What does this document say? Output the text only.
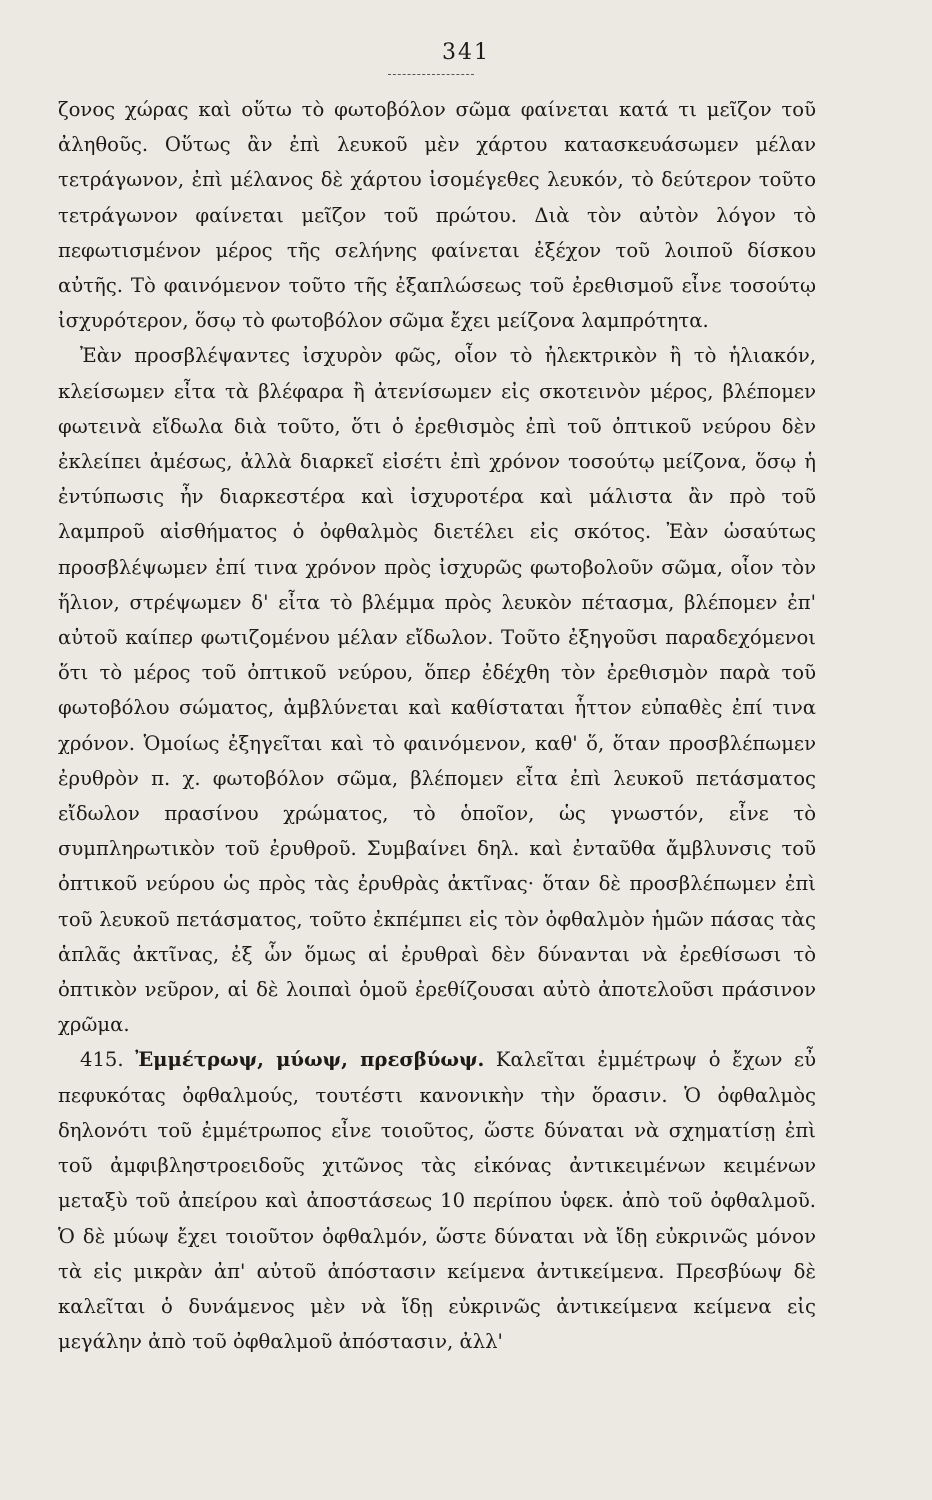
341

ζονος χώρας καὶ οὕτω τὸ φωτοβόλον σῶμα φαίνεται κατά τι μεῖζον τοῦ ἀληθοῦς. Οὕτως ἂν ἐπὶ λευκοῦ μὲν χάρτου κατασκευάσωμεν μέλαν τετράγωνον, ἐπὶ μέλανος δὲ χάρτου ἰσομέγεθες λευκόν, τὸ δεύτερον τοῦτο τετράγωνον φαίνεται μεῖζον τοῦ πρώτου. Διὰ τὸν αὐτὸν λόγον τὸ πεφωτισμένον μέρος τῆς σελήνης φαίνεται ἐξέχον τοῦ λοιποῦ δίσκου αὐτῆς. Τὸ φαινόμενον τοῦτο τῆς ἐξαπλώσεως τοῦ ἐρεθισμοῦ εἶνε τοσούτῳ ἰσχυρότερον, ὅσῳ τὸ φωτοβόλον σῶμα ἔχει μείζονα λαμπρότητα.

Ἐὰν προσβλέψαντες ἰσχυρὸν φῶς, οἷον τὸ ἠλεκτρικὸν ἢ τὸ ἡλιακόν, κλείσωμεν εἶτα τὰ βλέφαρα ἢ ἀτενίσωμεν εἰς σκοτεινὸν μέρος, βλέπομεν φωτεινὰ εἴδωλα διὰ τοῦτο, ὅτι ὁ ἐρεθισμὸς ἐπὶ τοῦ ὀπτικοῦ νεύρου δὲν ἐκλείπει ἀμέσως, ἀλλὰ διαρκεῖ εἰσέτι ἐπὶ χρόνον τοσούτῳ μείζονα, ὅσῳ ἡ ἐντύπωσις ἦν διαρκεστέρα καὶ ἰσχυροτέρα καὶ μάλιστα ἂν πρὸ τοῦ λαμπροῦ αἰσθήματος ὁ ὀφθαλμὸς διετέλει εἰς σκότος. Ἐὰν ὡσαύτως προσβλέψωμεν ἐπί τινα χρόνον πρὸς ἰσχυρῶς φωτοβολοῦν σῶμα, οἷον τὸν ἥλιον, στρέψωμεν δ' εἶτα τὸ βλέμμα πρὸς λευκὸν πέτασμα, βλέπομεν ἐπ' αὐτοῦ καίπερ φωτιζομένου μέλαν εἴδωλον. Τοῦτο ἐξηγοῦσι παραδεχόμενοι ὅτι τὸ μέρος τοῦ ὀπτικοῦ νεύρου, ὅπερ ἐδέχθη τὸν ἐρεθισμὸν παρὰ τοῦ φωτοβόλου σώματος, ἀμβλύνεται καὶ καθίσταται ἧττον εὐπαθὲς ἐπί τινα χρόνον. Ὁμοίως ἐξηγεῖται καὶ τὸ φαινόμενον, καθ' ὅ, ὅταν προσβλέπωμεν ἐρυθρὸν π. χ. φωτοβόλον σῶμα, βλέπομεν εἶτα ἐπὶ λευκοῦ πετάσματος εἴδωλον πρασίνου χρώματος, τὸ ὁποῖον, ὡς γνωστόν, εἶνε τὸ συμπληρωτικὸν τοῦ ἐρυθροῦ. Συμβαίνει δηλ. καὶ ἐνταῦθα ἄμβλυνσις τοῦ ὀπτικοῦ νεύρου ὡς πρὸς τὰς ἐρυθρὰς ἀκτῖνας· ὅταν δὲ προσβλέπωμεν ἐπὶ τοῦ λευκοῦ πετάσματος, τοῦτο ἐκπέμπει εἰς τὸν ὀφθαλμὸν ἡμῶν πάσας τὰς ἁπλᾶς ἀκτῖνας, ἐξ ὧν ὅμως αἱ ἐρυθραὶ δὲν δύνανται νὰ ἐρεθίσωσι τὸ ὀπτικὸν νεῦρον, αἱ δὲ λοιπαὶ ὁμοῦ ἐρεθίζουσαι αὐτὸ ἀποτελοῦσι πράσινον χρῶμα.

415. Ἐμμέτρωψ, μύωψ, πρεσβύωψ. Καλεῖται ἐμμέτρωψ ὁ ἔχων εὖ πεφυκότας ὀφθαλμούς, τουτέστι κανονικὴν τὴν ὅρασιν. Ὁ ὀφθαλμὸς δηλονότι τοῦ ἐμμέτρωπος εἶνε τοιοῦτος, ὥστε δύναται νὰ σχηματίσῃ ἐπὶ τοῦ ἀμφιβληστροειδοῦς χιτῶνος τὰς εἰκόνας ἀντικειμένων κειμένων μεταξὺ τοῦ ἀπείρου καὶ ἀποστάσεως 10 περίπου ὑφεκ. ἀπὸ τοῦ ὀφθαλμοῦ. Ὁ δὲ μύωψ ἔχει τοιοῦτον ὀφθαλμόν, ὥστε δύναται νὰ ἴδῃ εὐκρινῶς μόνον τὰ εἰς μικρὰν ἀπ' αὐτοῦ ἀπόστασιν κείμενα ἀντικείμενα. Πρεσβύωψ δὲ καλεῖται ὁ δυνάμενος μὲν νὰ ἴδῃ εὐκρινῶς ἀντικείμενα κείμενα εἰς μεγάλην ἀπὸ τοῦ ὀφθαλμοῦ ἀπόστασιν, ἀλλ'
